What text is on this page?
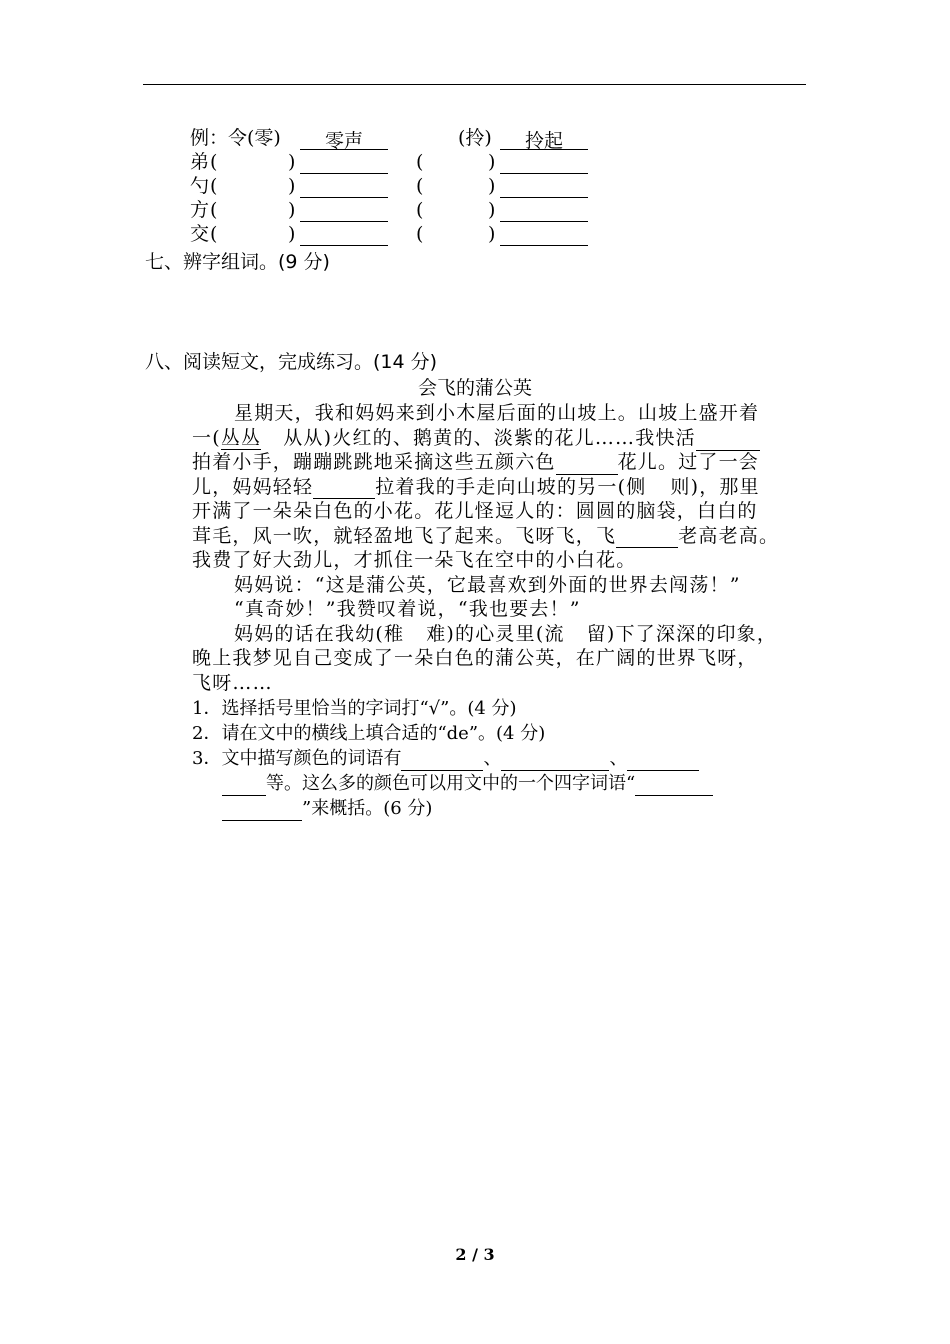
例：令(零)	零声	(拎)	拎起
弟 (	)	(	)
勺 (	)	(	)
方 (	)	(	)
交 (	)	(	)
七、辨字组词。(9 分)
八、阅读短文，完成练习。(14 分)
会飞的蒲公英
星期天，我和妈妈来到小木屋后面的山坡上。山坡上盛开着
一(丛丛 从从)火红的、鹅黄的、淡紫的花儿……我快活
拍着小手，蹦蹦跳跳地采摘这些五颜六色	花儿。过了一会
儿，妈妈轻轻	拉着我的手走向山坡的另一(侧 则)，那里
开满了一朵朵白色的小花。花儿怪逗人的：圆圆的脑袋，白白的
茸毛，风一吹，就轻盈地飞了起来。飞呀飞，飞	老高老高。
我费了好大劲儿，才抓住一朵飞在空中的小白花。
妈妈说：“这是蒲公英，它最喜欢到外面的世界去闯荡！”
“真奇妙！”我赞叹着说，“我也要去！”
妈妈的话在我幼(稚 难)的心灵里(流 留)下了深深的印象，
晚上我梦见自己变成了一朵白色的蒲公英，在广阔的世界飞呀，
飞呀……
1．选择括号里恰当的字词打“√”。(4 分)
2．请在文中的横线上填合适的“de”。(4 分)
3．文中描写颜色的词语有	、	、
等。这么多的颜色可以用文中的一个四字词语“
”来概括。(6 分)
2 / 3
